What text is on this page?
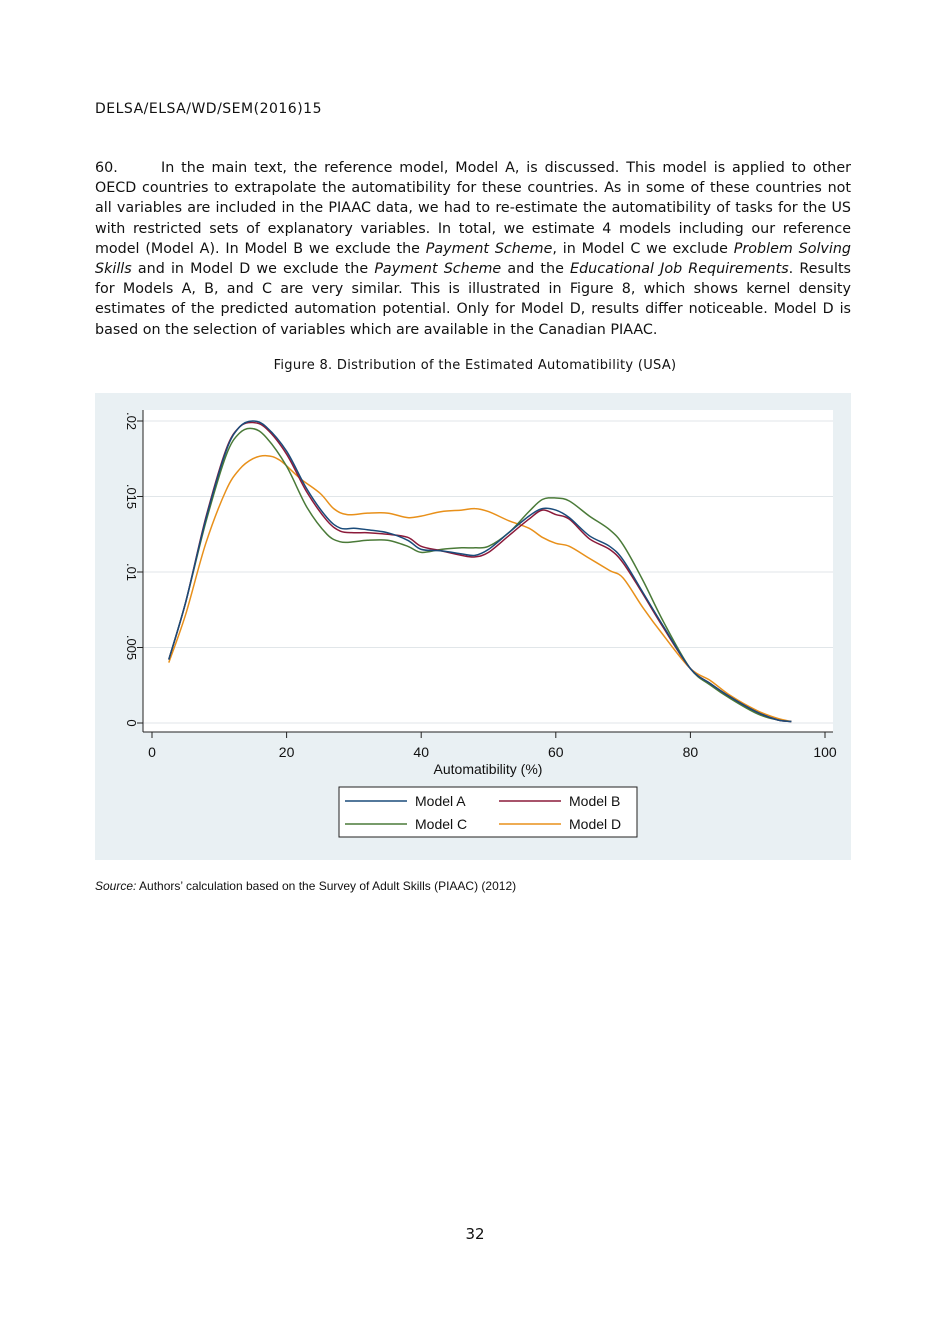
DELSA/ELSA/WD/SEM(2016)15
60.	In the main text, the reference model, Model A, is discussed. This model is applied to other OECD countries to extrapolate the automatibility for these countries. As in some of these countries not all variables are included in the PIAAC data, we had to re-estimate the automatibility of tasks for the US with restricted sets of explanatory variables. In total, we estimate 4 models including our reference model (Model A). In Model B we exclude the Payment Scheme, in Model C we exclude Problem Solving Skills and in Model D we exclude the Payment Scheme and the Educational Job Requirements. Results for Models A, B, and C are very similar. This is illustrated in Figure 8, which shows kernel density estimates of the predicted automation potential. Only for Model D, results differ noticeable. Model D is based on the selection of variables which are available in the Canadian PIAAC.
Figure 8. Distribution of the Estimated Automatibility (USA)
0
.005
.01
.015
.02
0	20	40	60	80	100
Automatibility (%)
Model A	Model B
Model C	Model D
Source: Authors’ calculation based on the Survey of Adult Skills (PIAAC) (2012)
32
